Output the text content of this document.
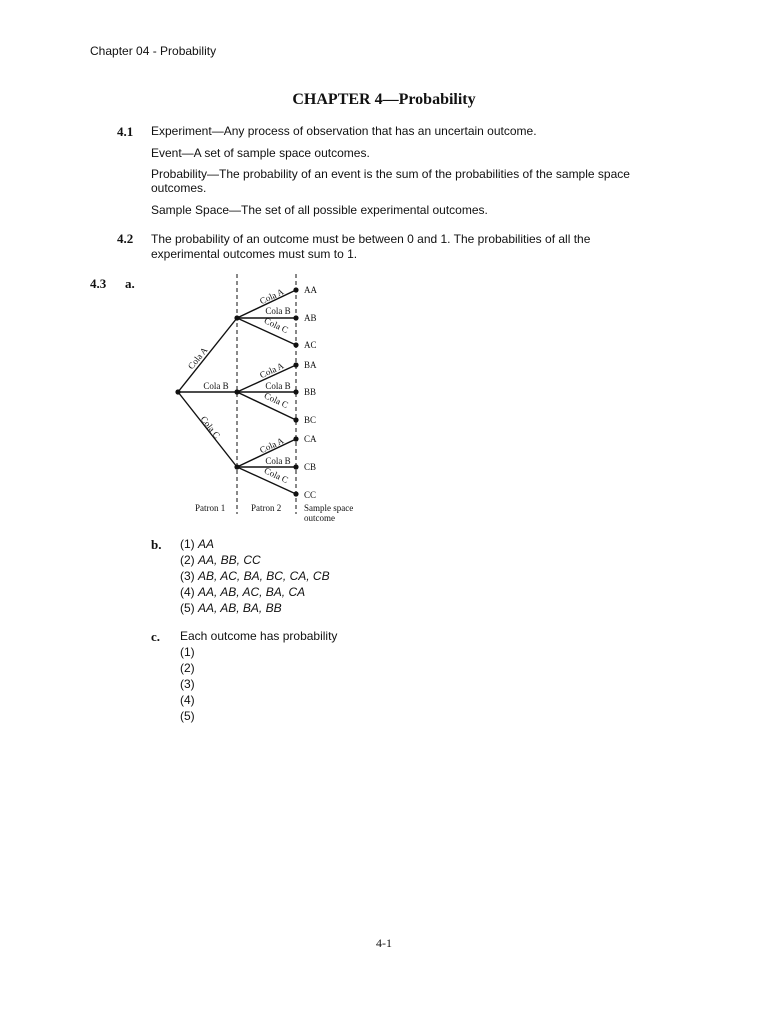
Chapter 04 - Probability
CHAPTER 4—Probability
4.1 Experiment—Any process of observation that has an uncertain outcome.
Event—A set of sample space outcomes.
Probability—The probability of an event is the sum of the probabilities of the sample space
outcomes.
Sample Space—The set of all possible experimental outcomes.
4.2 The probability of an outcome must be between 0 and 1. The probabilities of all the
experimental outcomes must sum to 1.
4.3 a.
Cola A
Cola B
Cola C
Cola A
Cola B
Cola C
Cola A
Cola B
Cola C
Cola A
Cola B
Cola C
AA
AB
AC
BA
BB
BC
CA
CB
CC
Patron 1	Patron 2	Sample space
outcome
b. (1) AA
(2) AA, BB, CC
(3) AB, AC, BA, BC, CA, CB
(4) AA, AB, AC, BA, CA
(5) AA, AB, BA, BB
c. Each outcome has probability
(1)
(2)
(3)
(4)
(5)
4-1
